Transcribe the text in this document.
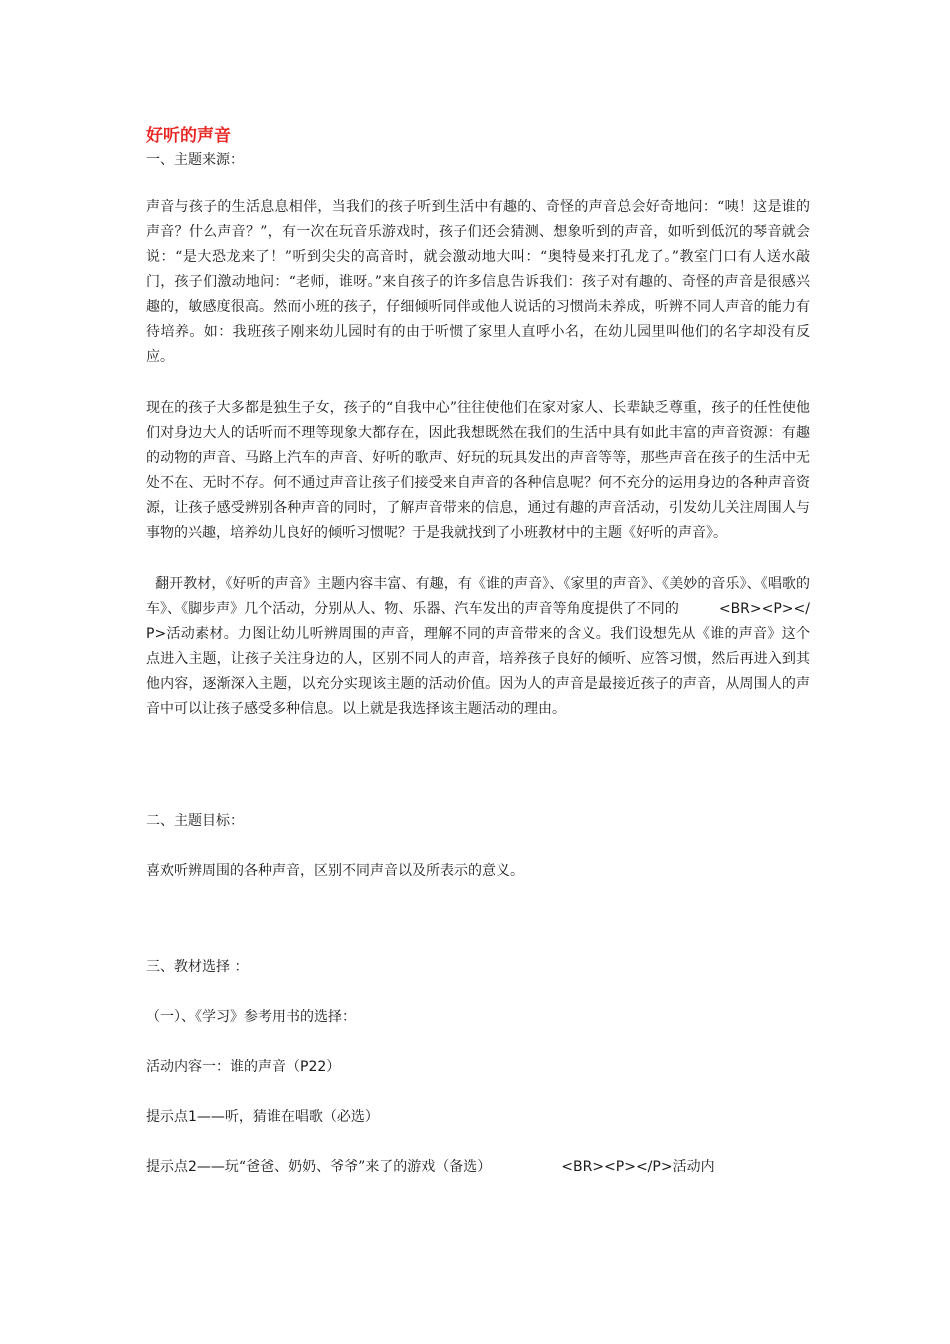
好听的声音

一、主题来源：

声音与孩子的生活息息相伴，当我们的孩子听到生活中有趣的、奇怪的声音总会好奇地问：“咦！这是谁的声音？什么声音？”，有一次在玩音乐游戏时，孩子们还会猜测、想象听到的声音，如听到低沉的琴音就会说：“是大恐龙来了！”听到尖尖的高音时，就会激动地大叫：“奥特曼来打孔龙了。”教室门口有人送水敲门，孩子们激动地问：“老师，谁呀。”来自孩子的许多信息告诉我们：孩子对有趣的、奇怪的声音是很感兴趣的，敏感度很高。然而小班的孩子，仔细倾听同伴或他人说话的习惯尚未养成，听辨不同人声音的能力有待培养。如：我班孩子刚来幼儿园时有的由于听惯了家里人直呼小名，在幼儿园里叫他们的名字却没有反应。

现在的孩子大多都是独生子女，孩子的“自我中心”往往使他们在家对家人、长辈缺乏尊重，孩子的任性使他们对身边大人的话听而不理等现象大都存在，因此我想既然在我们的生活中具有如此丰富的声音资源：有趣的动物的声音、马路上汽车的声音、好听的歌声、好玩的玩具发出的声音等等，那些声音在孩子的生活中无处不在、无时不存。何不通过声音让孩子们接受来自声音的各种信息呢？何不充分的运用身边的各种声音资源，让孩子感受辨别各种声音的同时，了解声音带来的信息，通过有趣的声音活动，引发幼儿关注周围人与事物的兴趣，培养幼儿良好的倾听习惯呢？于是我就找到了小班教材中的主题《好听的声音》。

翻开教材，《好听的声音》主题内容丰富、有趣，有《谁的声音》、《家里的声音》、《美妙的音乐》、《唱歌的车》、《脚步声》几个活动，分别从人、物、乐器、汽车发出的声音等角度提供了不同的	<BR><P></P>活动素材。力图让幼儿听辨周围的声音，理解不同的声音带来的含义。我们设想先从《谁的声音》这个点进入主题，让孩子关注身边的人，区别不同人的声音，培养孩子良好的倾听、应答习惯，然后再进入到其他内容，逐渐深入主题，以充分实现该主题的活动价值。因为人的声音是最接近孩子的声音，从周围人的声音中可以让孩子感受多种信息。以上就是我选择该主题活动的理由。

二、主题目标：

喜欢听辨周围的各种声音，区别不同声音以及所表示的意义。

三、教材选择 ：

（一）、《学习》参考用书的选择：

活动内容一：谁的声音（P22）

提示点1——听，猜谁在唱歌（必选）

提示点2——玩“爸爸、奶奶、爷爷”来了的游戏（备选）	<BR><P></P>活动内
